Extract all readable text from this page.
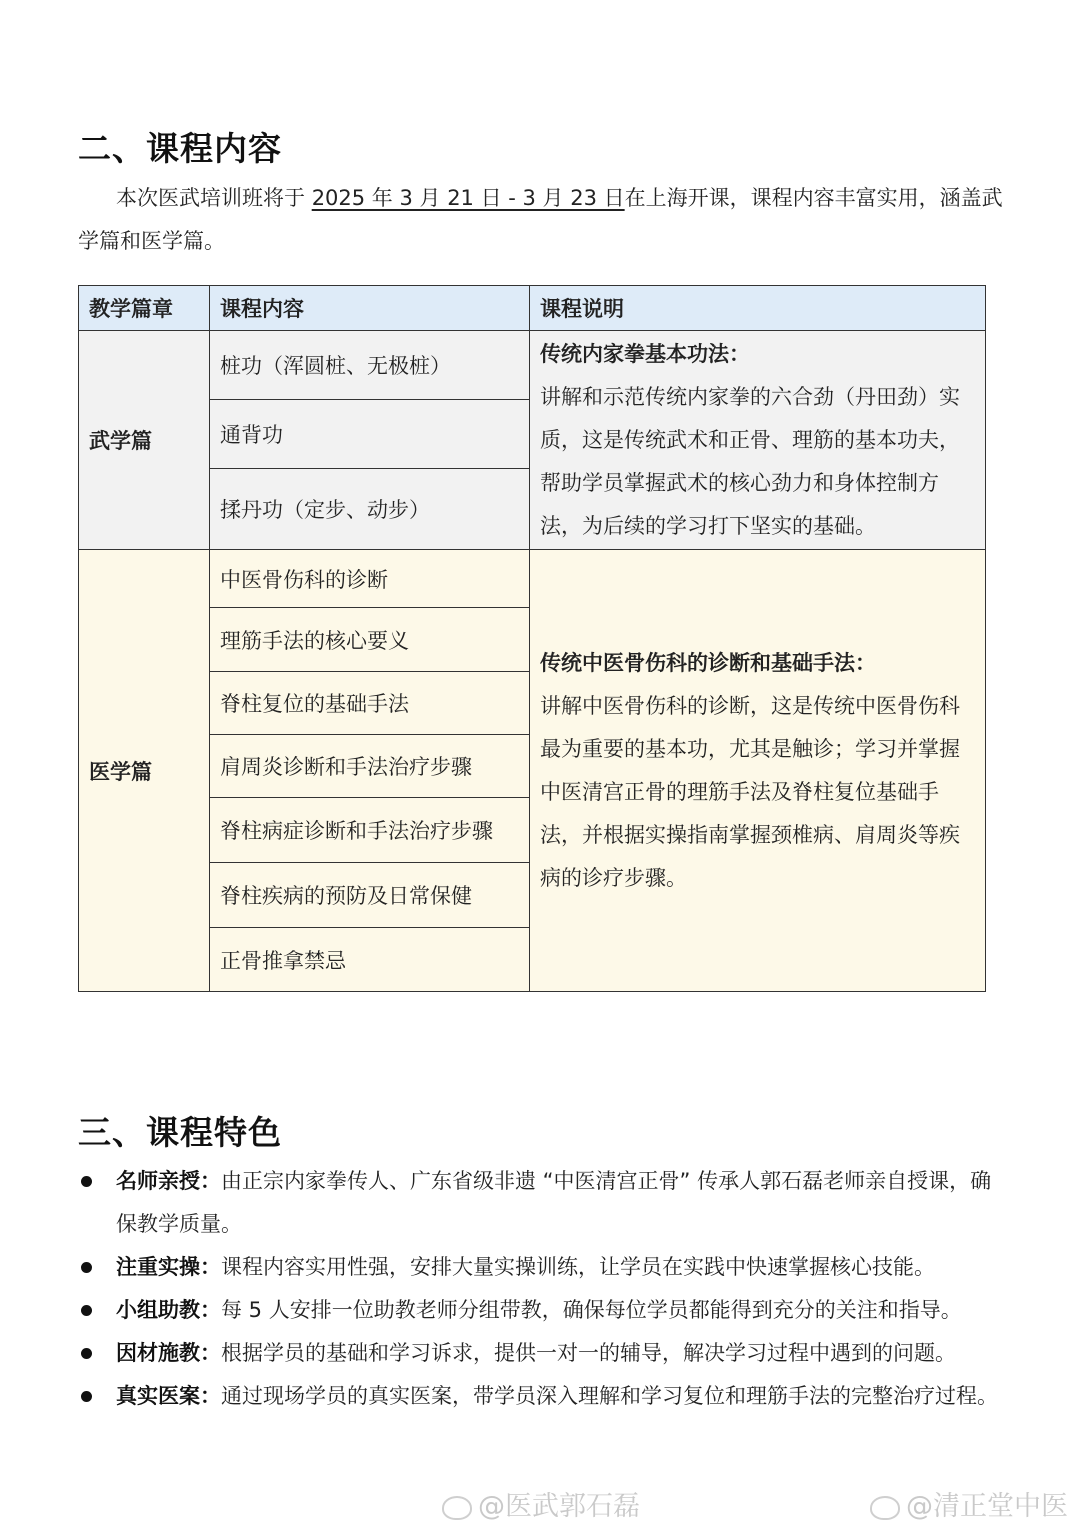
二、课程内容
本次医武培训班将于 2025 年 3 月 21 日 - 3 月 23 日在上海开课，课程内容丰富实用，涵盖武学篇和医学篇。
教学篇章	课程内容	课程说明
武学篇	桩功（浑圆桩、无极桩）	传统内家拳基本功法：
讲解和示范传统内家拳的六合劲（丹田劲）实质，这是传统武术和正骨、理筋的基本功夫，帮助学员掌握武术的核心劲力和身体控制方法，为后续的学习打下坚实的基础。
	通背功	
	揉丹功（定步、动步）	
医学篇	中医骨伤科的诊断	传统中医骨伤科的诊断和基础手法：
讲解中医骨伤科的诊断，这是传统中医骨伤科最为重要的基本功，尤其是触诊；学习并掌握中医清宫正骨的理筋手法及脊柱复位基础手法，并根据实操指南掌握颈椎病、肩周炎等疾病的诊疗步骤。
	理筋手法的核心要义	
	脊柱复位的基础手法	
	肩周炎诊断和手法治疗步骤	
	脊柱病症诊断和手法治疗步骤	
	脊柱疾病的预防及日常保健	
	正骨推拿禁忌	
三、课程特色
名师亲授：由正宗内家拳传人、广东省级非遗 “中医清宫正骨” 传承人郭石磊老师亲自授课，确保教学质量。
注重实操：课程内容实用性强，安排大量实操训练，让学员在实践中快速掌握核心技能。
小组助教：每 5 人安排一位助教老师分组带教，确保每位学员都能得到充分的关注和指导。
因材施教：根据学员的基础和学习诉求，提供一对一的辅导，解决学习过程中遇到的问题。
真实医案：通过现场学员的真实医案，带学员深入理解和学习复位和理筋手法的完整治疗过程。
@医武郭石磊	@清正堂中医
